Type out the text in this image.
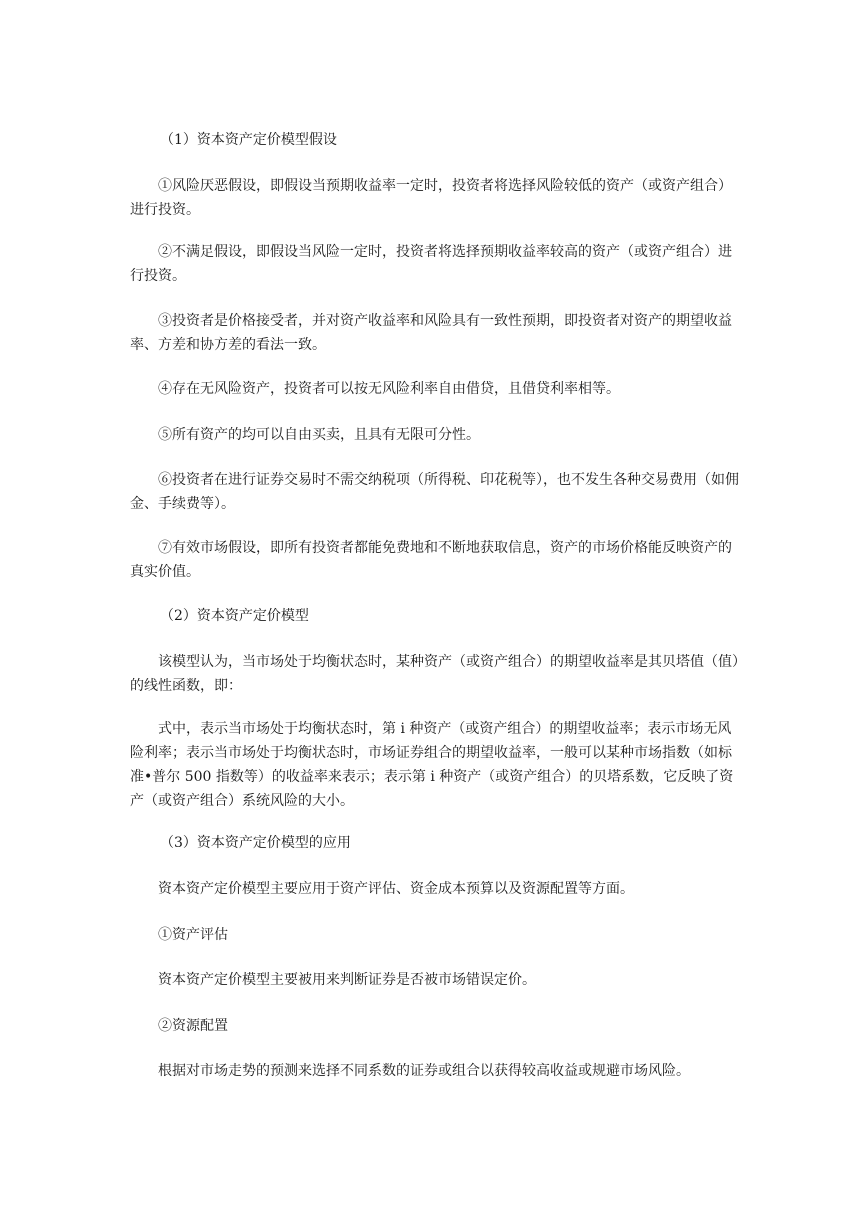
（1）资本资产定价模型假设

①风险厌恶假设，即假设当预期收益率一定时，投资者将选择风险较低的资产（或资产组合）进行投资。

②不满足假设，即假设当风险一定时，投资者将选择预期收益率较高的资产（或资产组合）进行投资。

③投资者是价格接受者，并对资产收益率和风险具有一致性预期，即投资者对资产的期望收益率、方差和协方差的看法一致。

④存在无风险资产，投资者可以按无风险利率自由借贷，且借贷利率相等。

⑤所有资产的均可以自由买卖，且具有无限可分性。

⑥投资者在进行证券交易时不需交纳税项（所得税、印花税等），也不发生各种交易费用（如佣金、手续费等）。

⑦有效市场假设，即所有投资者都能免费地和不断地获取信息，资产的市场价格能反映资产的真实价值。

（2）资本资产定价模型

该模型认为，当市场处于均衡状态时，某种资产（或资产组合）的期望收益率是其贝塔值（值）的线性函数，即：

式中，表示当市场处于均衡状态时，第 i 种资产（或资产组合）的期望收益率；表示市场无风险利率；表示当市场处于均衡状态时，市场证券组合的期望收益率，一般可以某种市场指数（如标准•普尔 500 指数等）的收益率来表示；表示第 i 种资产（或资产组合）的贝塔系数，它反映了资产（或资产组合）系统风险的大小。

（3）资本资产定价模型的应用

资本资产定价模型主要应用于资产评估、资金成本预算以及资源配置等方面。

①资产评估

资本资产定价模型主要被用来判断证券是否被市场错误定价。

②资源配置

根据对市场走势的预测来选择不同系数的证券或组合以获得较高收益或规避市场风险。
